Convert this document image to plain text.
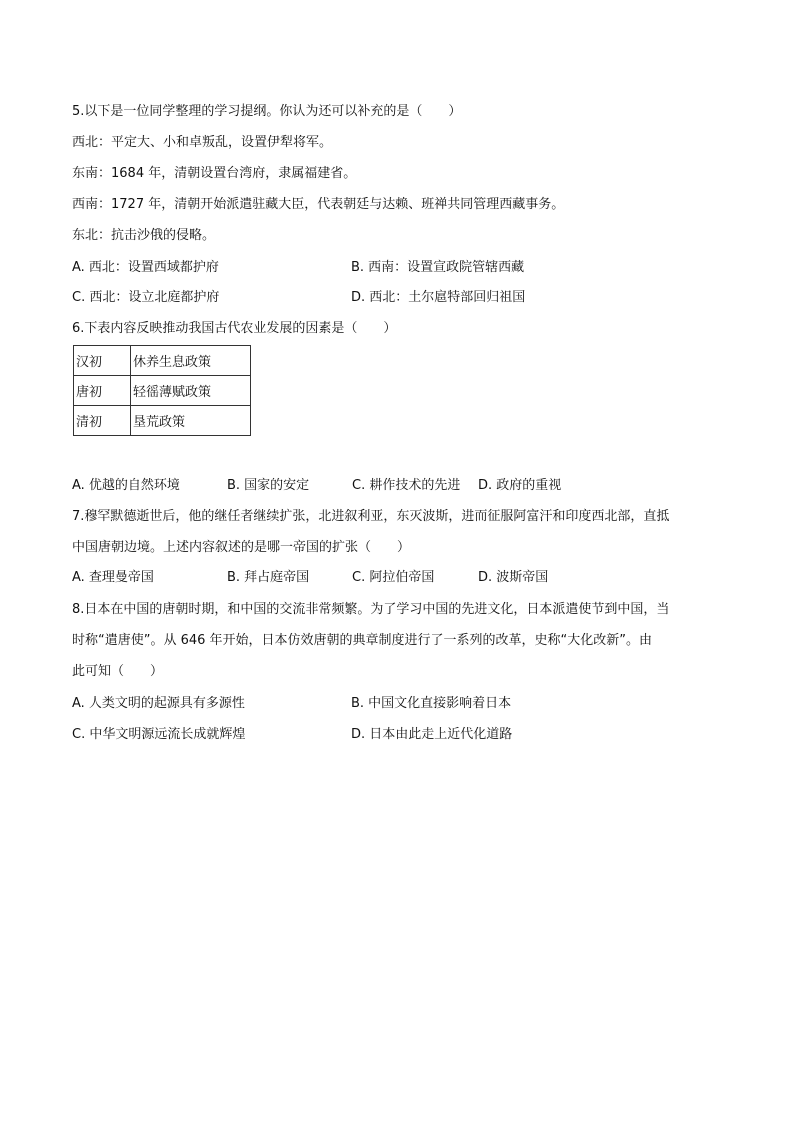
5.以下是一位同学整理的学习提纲。你认为还可以补充的是（　　）
西北：平定大、小和卓叛乱，设置伊犁将军。
东南：1684 年，清朝设置台湾府，隶属福建省。
西南：1727 年，清朝开始派遣驻藏大臣，代表朝廷与达赖、班禅共同管理西藏事务。
东北：抗击沙俄的侵略。
A. 西北：设置西域都护府	B. 西南：设置宣政院管辖西藏
C. 西北：设立北庭都护府	D. 西北：土尔扈特部回归祖国
6.下表内容反映推动我国古代农业发展的因素是（　　）
汉初	休养生息政策
唐初	轻徭薄赋政策
清初	垦荒政策
A. 优越的自然环境	B. 国家的安定	C. 耕作技术的先进 D. 政府的重视
7.穆罕默德逝世后，他的继任者继续扩张，北进叙利亚，东灭波斯，进而征服阿富汗和印度西北部，直抵
中国唐朝边境。上述内容叙述的是哪一帝国的扩张（　　）
A. 查理曼帝国	B. 拜占庭帝国	C. 阿拉伯帝国	D. 波斯帝国
8.日本在中国的唐朝时期，和中国的交流非常频繁。为了学习中国的先进文化，日本派遣使节到中国，当
时称“遣唐使”。从 646 年开始，日本仿效唐朝的典章制度进行了一系列的改革，史称“大化改新”。由
此可知（　　）
A. 人类文明的起源具有多源性	B. 中国文化直接影响着日本
C. 中华文明源远流长成就辉煌	D. 日本由此走上近代化道路
